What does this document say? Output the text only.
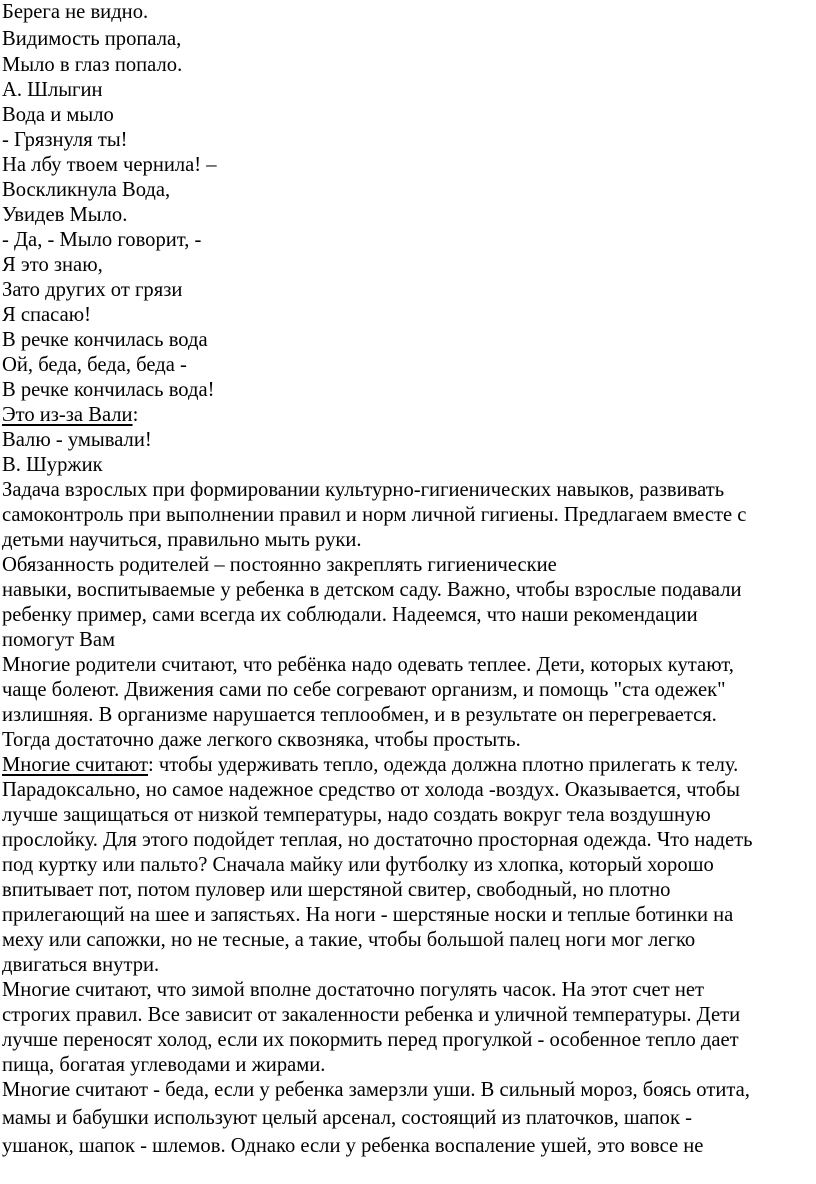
Берега не видно.
Видимость пропала,
Мыло в глаз попало.
А. Шлыгин
Вода и мыло
- Грязнуля ты!
На лбу твоем чернила! –
Воскликнула Вода,
Увидев Мыло.
- Да, - Мыло говорит, -
Я это знаю,
Зато других от грязи
Я спасаю!
В речке кончилась вода
Ой, беда, беда, беда -
В речке кончилась вода!
Это из-за Вали:
Валю - умывали!
В. Шуржик
Задача взрослых при формировании культурно-гигиенических навыков, развивать
самоконтроль при выполнении правил и норм личной гигиены. Предлагаем вместе с
детьми научиться, правильно мыть руки.
Обязанность родителей – постоянно закреплять гигиенические
навыки, воспитываемые у ребенка в детском саду. Важно, чтобы взрослые подавали
ребенку пример, сами всегда их соблюдали. Надеемся, что наши рекомендации
помогут Вам
Многие родители считают, что ребёнка надо одевать теплее. Дети, которых кутают,
чаще болеют. Движения сами по себе согревают организм, и помощь "ста одежек"
излишняя. В организме нарушается теплообмен, и в результате он перегревается.
Тогда достаточно даже легкого сквозняка, чтобы простыть.
Многие считают: чтобы удерживать тепло, одежда должна плотно прилегать к телу.
Парадоксально, но самое надежное средство от холода -воздух. Оказывается, чтобы
лучше защищаться от низкой температуры, надо создать вокруг тела воздушную
прослойку. Для этого подойдет теплая, но достаточно просторная одежда. Что надеть
под куртку или пальто? Сначала майку или футболку из хлопка, который хорошо
впитывает пот, потом пуловер или шерстяной свитер, свободный, но плотно
прилегающий на шее и запястьях. На ноги - шерстяные носки и теплые ботинки на
меху или сапожки, но не тесные, а такие, чтобы большой палец ноги мог легко
двигаться внутри.
Многие считают, что зимой вполне достаточно погулять часок. На этот счет нет
строгих правил. Все зависит от закаленности ребенка и уличной температуры. Дети
лучше переносят холод, если их покормить перед прогулкой - особенное тепло дает
пища, богатая углеводами и жирами.
Многие считают - беда, если у ребенка замерзли уши. В сильный мороз, боясь отита,
мамы и бабушки используют целый арсенал, состоящий из платочков, шапок -
ушанок, шапок - шлемов. Однако если у ребенка воспаление ушей, это вовсе не
